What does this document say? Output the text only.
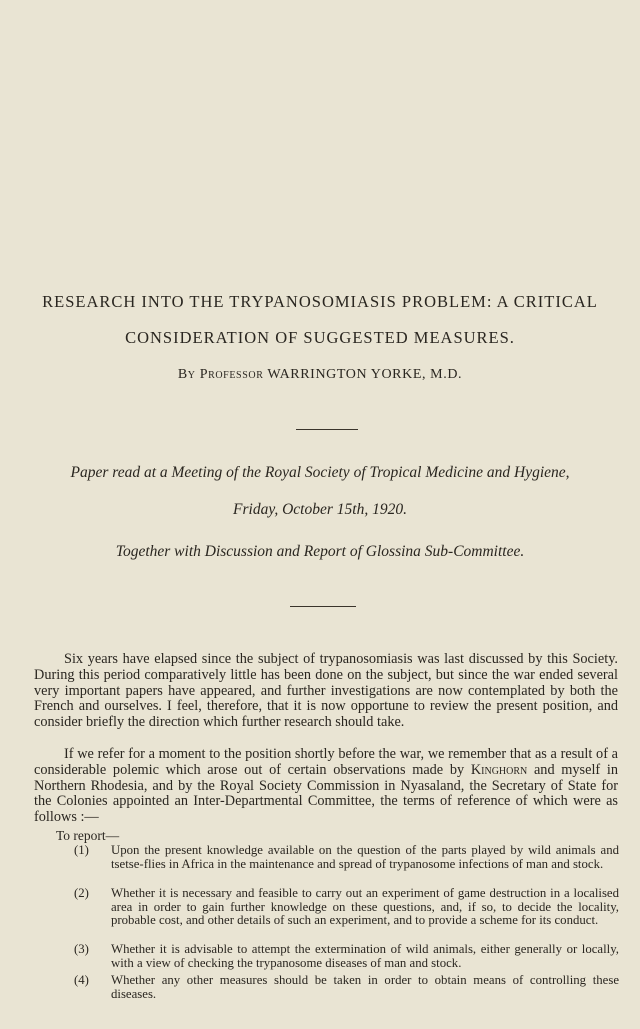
RESEARCH INTO THE TRYPANOSOMIASIS PROBLEM: A CRITICAL
CONSIDERATION OF SUGGESTED MEASURES.
By Professor WARRINGTON YORKE, M.D.
Paper read at a Meeting of the Royal Society of Tropical Medicine and Hygiene,
Friday, October 15th, 1920.
Together with Discussion and Report of Glossina Sub-Committee.
Six years have elapsed since the subject of trypanosomiasis was last discussed by this Society. During this period comparatively little has been done on the subject, but since the war ended several very important papers have appeared, and further investigations are now contemplated by both the French and ourselves. I feel, therefore, that it is now opportune to review the present position, and consider briefly the direction which further research should take.
If we refer for a moment to the position shortly before the war, we remember that as a result of a considerable polemic which arose out of certain observations made by Kinghorn and myself in Northern Rhodesia, and by the Royal Society Commission in Nyasaland, the Secretary of State for the Colonies appointed an Inter-Departmental Committee, the terms of reference of which were as follows :—
To report—
(1) Upon the present knowledge available on the question of the parts played by wild animals and tsetse-flies in Africa in the maintenance and spread of trypanosome infections of man and stock.
(2) Whether it is necessary and feasible to carry out an experiment of game destruction in a localised area in order to gain further knowledge on these questions, and, if so, to decide the locality, probable cost, and other details of such an experiment, and to provide a scheme for its conduct.
(3) Whether it is advisable to attempt the extermination of wild animals, either generally or locally, with a view of checking the trypanosome diseases of man and stock.
(4) Whether any other measures should be taken in order to obtain means of controlling these diseases.
